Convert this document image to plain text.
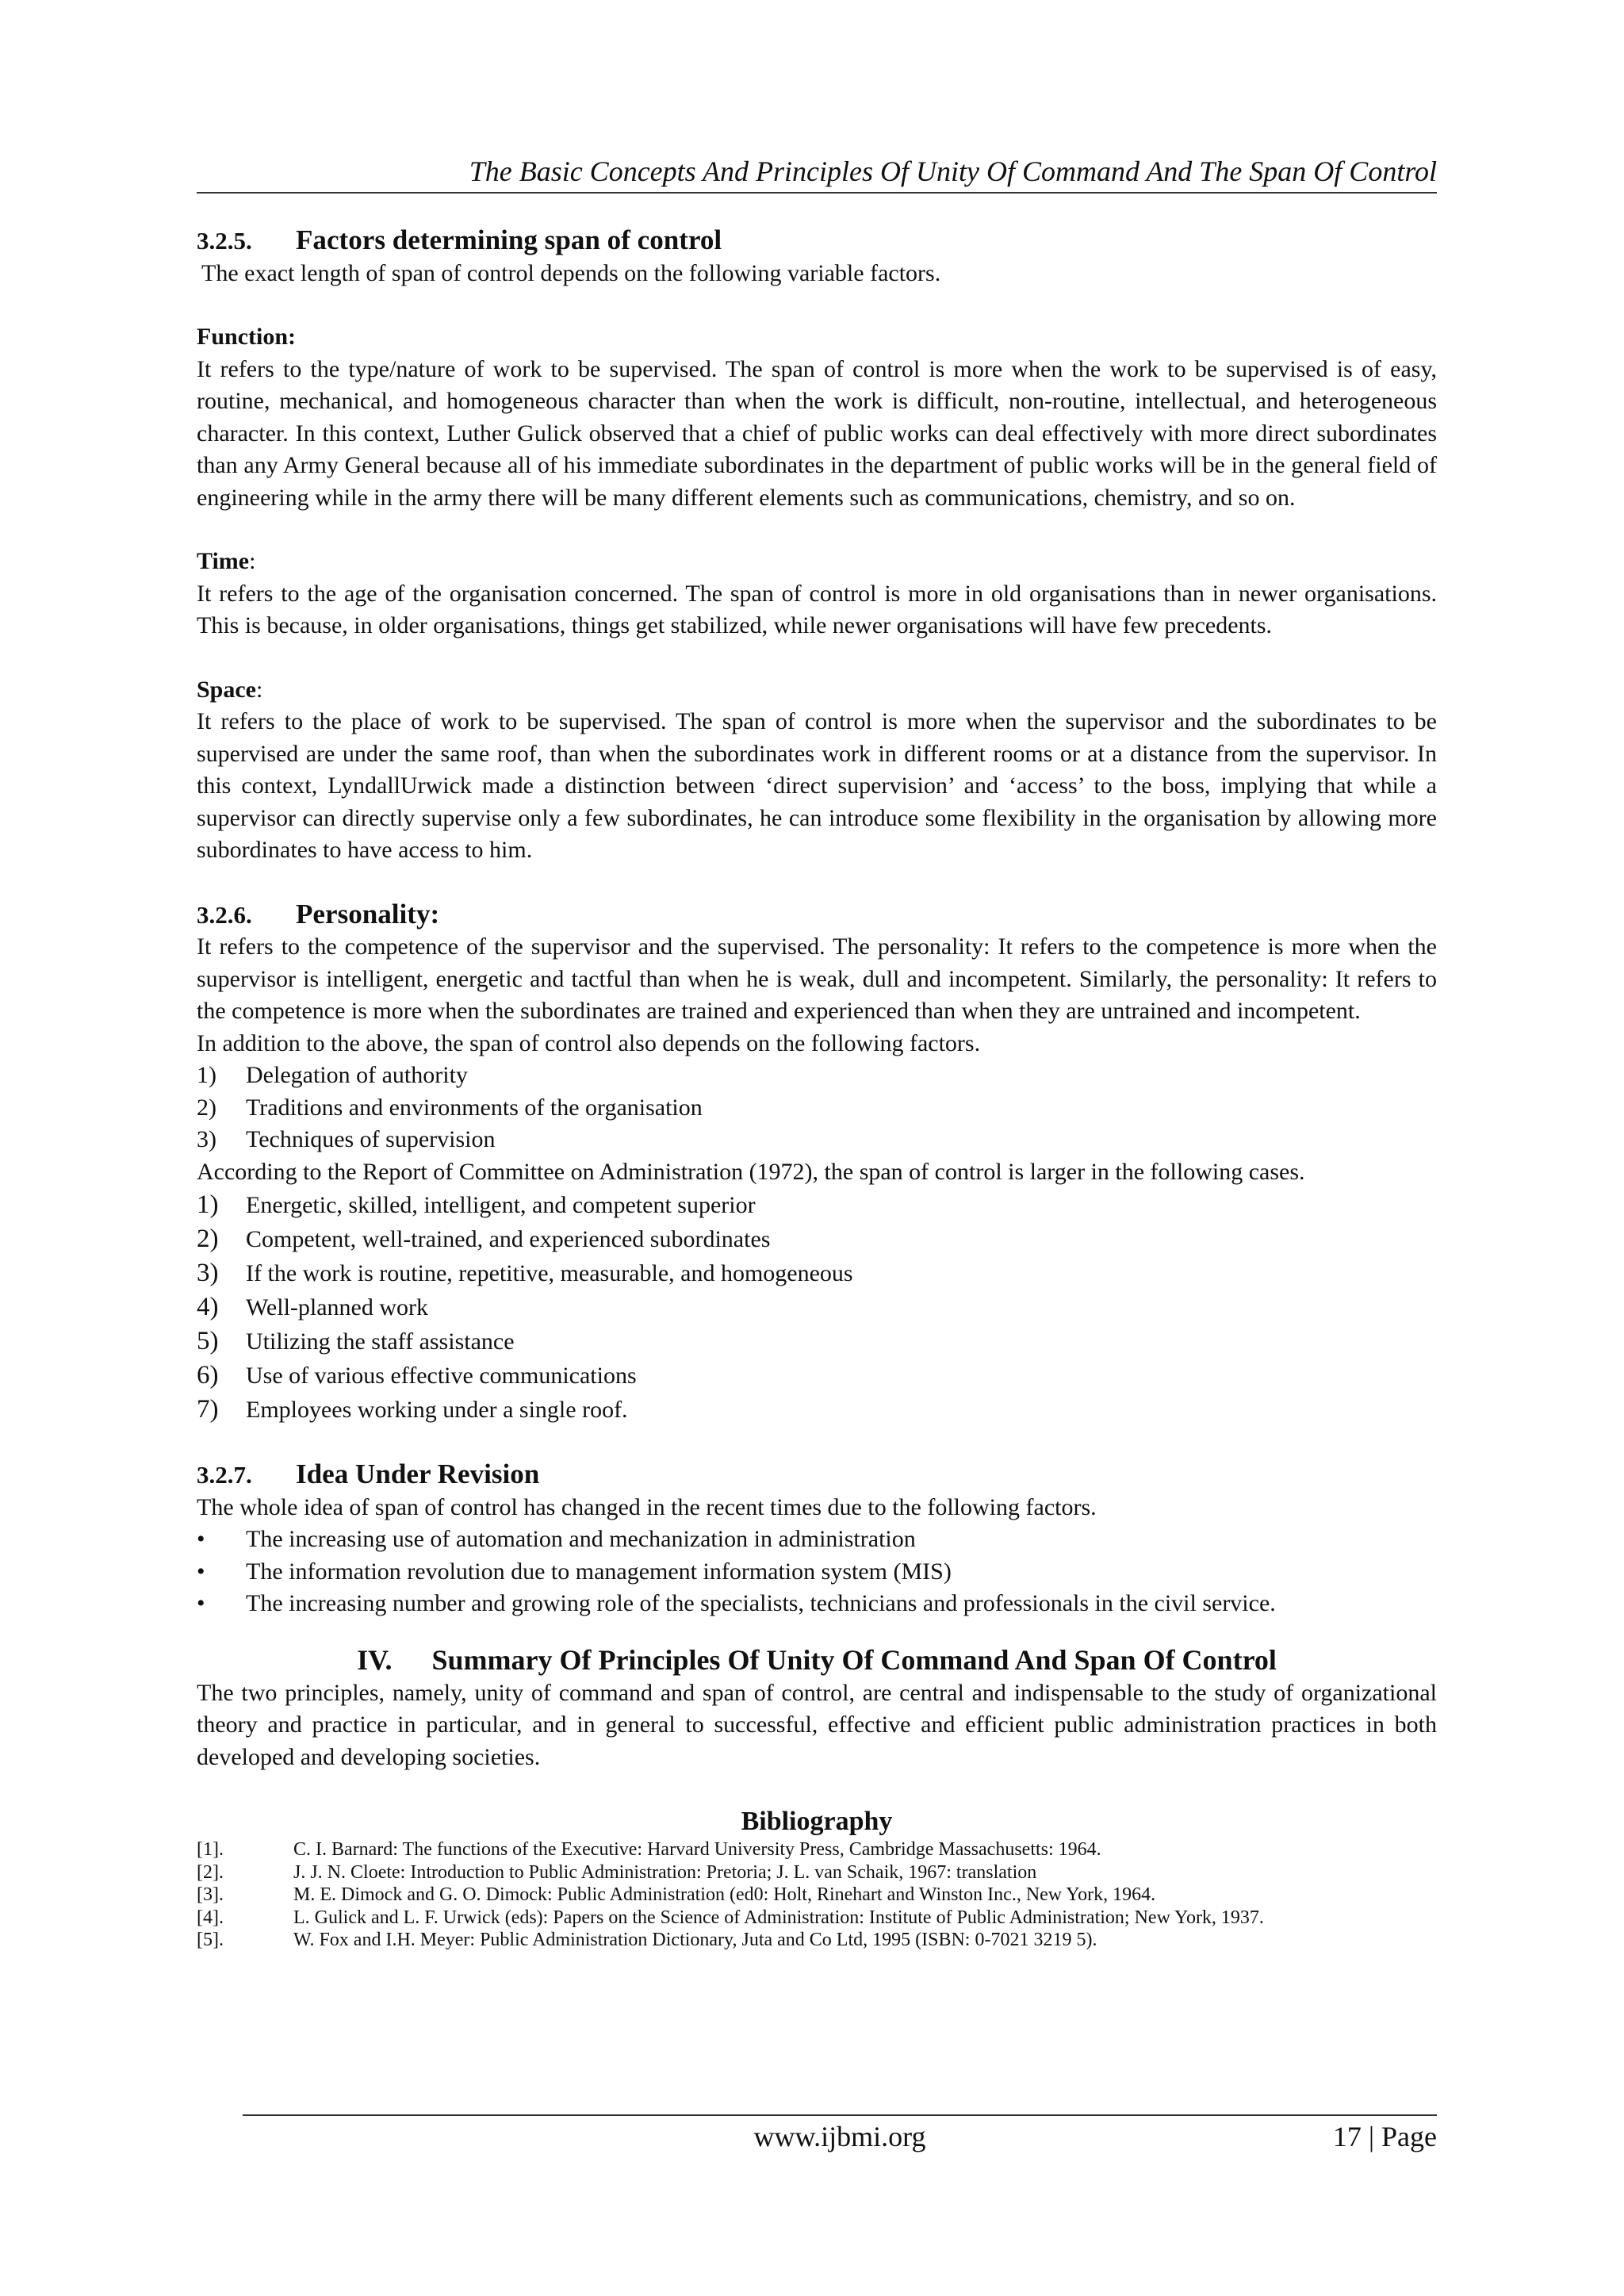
The Basic Concepts And Principles Of Unity Of Command And The Span Of Control
3.2.5. Factors determining span of control

The exact length of span of control depends on the following variable factors.

Function:

It refers to the type/nature of work to be supervised. The span of control is more when the work to be supervised is of easy, routine, mechanical, and homogeneous character than when the work is difficult, non-routine, intellectual, and heterogeneous character. In this context, Luther Gulick observed that a chief of public works can deal effectively with more direct subordinates than any Army General because all of his immediate subordinates in the department of public works will be in the general field of engineering while in the army there will be many different elements such as communications, chemistry, and so on.

Time:

It refers to the age of the organisation concerned. The span of control is more in old organisations than in newer organisations. This is because, in older organisations, things get stabilized, while newer organisations will have few precedents.

Space:

It refers to the place of work to be supervised. The span of control is more when the supervisor and the subordinates to be supervised are under the same roof, than when the subordinates work in different rooms or at a distance from the supervisor. In this context, LyndallUrwick made a distinction between ‘direct supervision’ and ‘access’ to the boss, implying that while a supervisor can directly supervise only a few subordinates, he can introduce some flexibility in the organisation by allowing more subordinates to have access to him.

3.2.6. Personality:

It refers to the competence of the supervisor and the supervised. The personality: It refers to the competence is more when the supervisor is intelligent, energetic and tactful than when he is weak, dull and incompetent. Similarly, the personality: It refers to the competence is more when the subordinates are trained and experienced than when they are untrained and incompetent.

In addition to the above, the span of control also depends on the following factors.

1)	Delegation of authority
2)	Traditions and environments of the organisation
3)	Techniques of supervision

According to the Report of Committee on Administration (1972), the span of control is larger in the following cases.

1)	Energetic, skilled, intelligent, and competent superior
2)	Competent, well-trained, and experienced subordinates
3)	If the work is routine, repetitive, measurable, and homogeneous
4)	Well-planned work
5)	Utilizing the staff assistance
6)	Use of various effective communications
7)	Employees working under a single roof.
3.2.7. Idea Under Revision

The whole idea of span of control has changed in the recent times due to the following factors.

•	The increasing use of automation and mechanization in administration
•	The information revolution due to management information system (MIS)
•	The increasing number and growing role of the specialists, technicians and professionals in the civil service.
IV. Summary Of Principles Of Unity Of Command And Span Of Control

The two principles, namely, unity of command and span of control, are central and indispensable to the study of organizational theory and practice in particular, and in general to successful, effective and efficient public administration practices in both developed and developing societies.

Bibliography
[1].	C. I. Barnard: The functions of the Executive: Harvard University Press, Cambridge Massachusetts: 1964.
[2].	J. J. N. Cloete: Introduction to Public Administration: Pretoria; J. L. van Schaik, 1967: translation
[3].	M. E. Dimock and G. O. Dimock: Public Administration (ed0: Holt, Rinehart and Winston Inc., New York, 1964.
[4].	L. Gulick and L. F. Urwick (eds): Papers on the Science of Administration: Institute of Public Administration; New York, 1937.
[5].	W. Fox and I.H. Meyer: Public Administration Dictionary, Juta and Co Ltd, 1995 (ISBN: 0-7021 3219 5).
www.ijbmi.org	17 | Page
